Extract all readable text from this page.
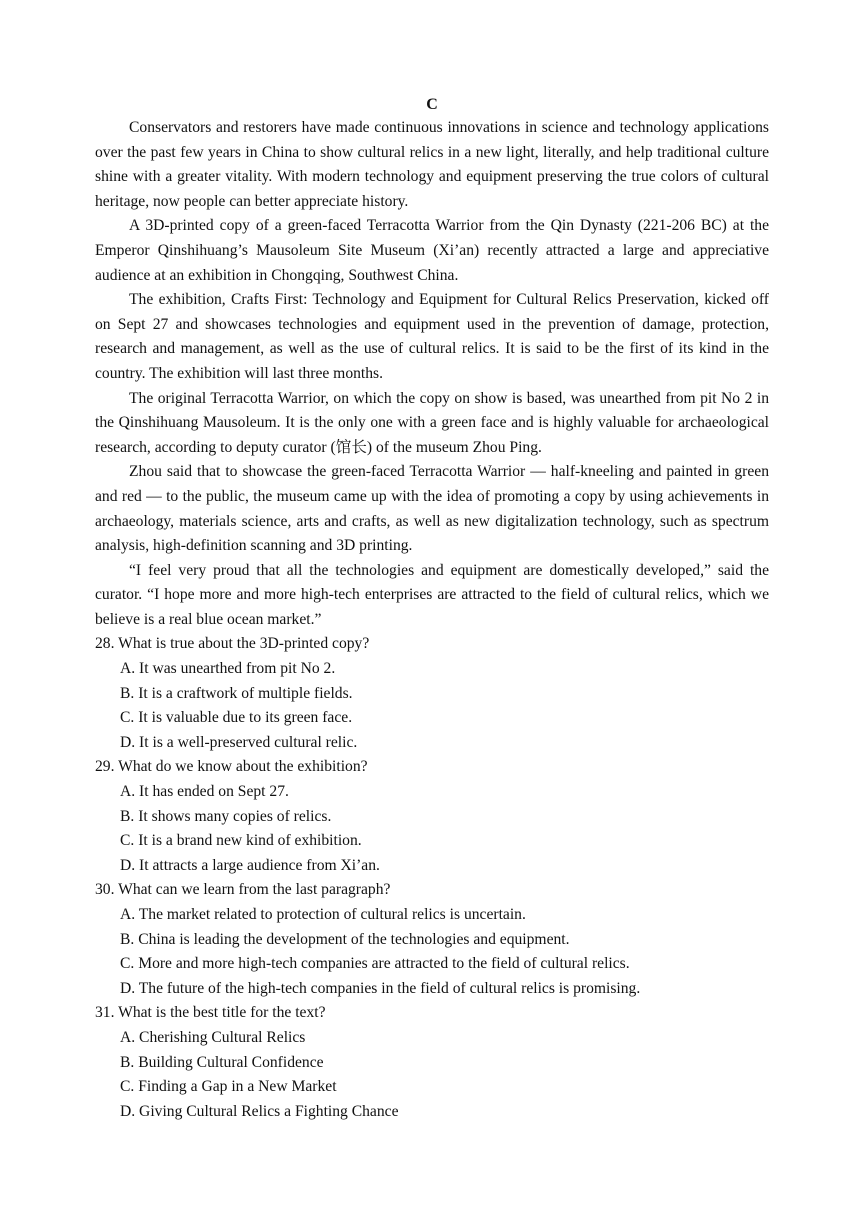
C

Conservators and restorers have made continuous innovations in science and technology applications over the past few years in China to show cultural relics in a new light, literally, and help traditional culture shine with a greater vitality. With modern technology and equipment preserving the true colors of cultural heritage, now people can better appreciate history.

A 3D-printed copy of a green-faced Terracotta Warrior from the Qin Dynasty (221-206 BC) at the Emperor Qinshihuang’s Mausoleum Site Museum (Xi’an) recently attracted a large and appreciative audience at an exhibition in Chongqing, Southwest China.

The exhibition, Crafts First: Technology and Equipment for Cultural Relics Preservation, kicked off on Sept 27 and showcases technologies and equipment used in the prevention of damage, protection, research and management, as well as the use of cultural relics. It is said to be the first of its kind in the country. The exhibition will last three months.

The original Terracotta Warrior, on which the copy on show is based, was unearthed from pit No 2 in the Qinshihuang Mausoleum. It is the only one with a green face and is highly valuable for archaeological research, according to deputy curator (馆长) of the museum Zhou Ping.

Zhou said that to showcase the green-faced Terracotta Warrior — half-kneeling and painted in green and red — to the public, the museum came up with the idea of promoting a copy by using achievements in archaeology, materials science, arts and crafts, as well as new digitalization technology, such as spectrum analysis, high-definition scanning and 3D printing.

“I feel very proud that all the technologies and equipment are domestically developed,” said the curator. “I hope more and more high-tech enterprises are attracted to the field of cultural relics, which we believe is a real blue ocean market.”

28. What is true about the 3D-printed copy?

A. It was unearthed from pit No 2.
B. It is a craftwork of multiple fields.
C. It is valuable due to its green face.
D. It is a well-preserved cultural relic.

29. What do we know about the exhibition?

A. It has ended on Sept 27.
B. It shows many copies of relics.
C. It is a brand new kind of exhibition.
D. It attracts a large audience from Xi’an.

30. What can we learn from the last paragraph?

A. The market related to protection of cultural relics is uncertain.
B. China is leading the development of the technologies and equipment.
C. More and more high-tech companies are attracted to the field of cultural relics.
D. The future of the high-tech companies in the field of cultural relics is promising.

31. What is the best title for the text?

A. Cherishing Cultural Relics
B. Building Cultural Confidence
C. Finding a Gap in a New Market
D. Giving Cultural Relics a Fighting Chance
